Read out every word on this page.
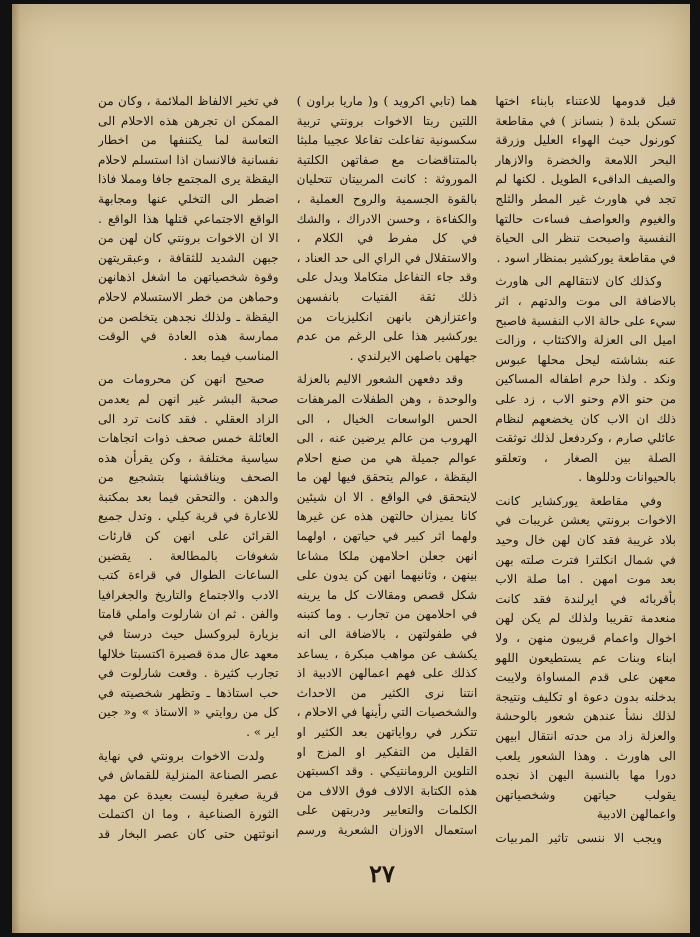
قبل قدومها للاعتناء بابناء اختها تسكن بلدة ( بنسانز ) في مقاطعة كورنول حيث الهواء العليل وزرقة البحر اللامعة والخضرة والازهار والصيف الدافىء الطويل . لكنها لم تجد في هاورث غير المطر والثلج والغيوم والعواصف فساءت حالتها النفسية واصبحت تنظر الى الحياة في مقاطعة يوركشير بمنظار اسود .

وكذلك كان لانتقالهم الى هاورث بالاضافة الى موت والدتهم ، اثر سيء على حالة الاب النفسية فاصبح اميل الى العزلة والاكتئاب ، وزالت عنه بشاشته ليحل محلها عبوس ونكد . ولذا حرم اطفاله المساكين من حنو الام وحنو الاب ، زد على ذلك ان الاب كان يخضعهم لنظام عائلي صارم ، وكردفعل لذلك توثقت الصلة بين الصغار ، وتعلقو بالحيوانات ودللوها .

وفي مقاطعة يوركشاير كانت الاخوات برونتي يعشن غريبات في بلاد غريبة فقد كان لهن خال وحيد في شمال انكلترا فترت صلته بهن بعد موت امهن . اما صلة الاب بأقربائه في ايرلندة فقد كانت منعدمة تقريبا ولذلك لم يكن لهن اخوال واعمام قريبون منهن ، ولا ابناء وبنات عم يستطيعون اللهو معهن على قدم المساواة ولايبت بدخلنه بدون دعوة او تكليف ونتيجة لذلك نشأ عندهن شعور بالوحشة والعزلة زاد من حدته انتقال ابيهن الى هاورث . وهذا الشعور يلعب دورا مها بالنسبة اليهن اذ نجده يقولب حياتهن وشخصياتهن واعمالهن الادبية

ويجب الا ننسى تاثير المربيات

هما (تابي اكرويد ) و( ماريا براون ) اللتين ربتا الاخوات برونتي تربية سكسونية تفاعلت تفاعلا عجيبا ملبثا بالمتناقضات مع صفاتهن الكلتية الموروثة : كانت المربيتان تتحليان بالقوة الجسمية والروح العملية ، والكفاءة ، وحسن الادراك ، والشك في كل مفرط في الكلام ، والاستقلال في الراي الى حد العناد ، وقد جاء التفاعل متكاملا ويدل على ذلك ثقة الفتيات بانفسهن واعتزازهن بانهن انكليزيات من يوركشير هذا على الرغم من عدم جهلهن باصلهن الايرلندي .

وقد دفعهن الشعور الاليم بالعزلة والوحدة ، وهن الطفلات المرهفات الحس الواسعات الخيال ، الى الهروب من عالم يرضين عنه ، الى عوالم جميلة هي من صنع احلام اليقظة ، عوالم يتحقق فيها لهن ما لايتحقق في الواقع . الا ان شيئين كانا يميزان حالتهن هذه عن غيرها ولهما اثر كبير في حياتهن ، اولهما انهن جعلن احلامهن ملكا مشاعا بينهن ، وثانيهما انهن كن يدون على شكل قصص ومقالات كل ما يرينه في احلامهن من تجارب . وما كتبنه في طفولتهن ، بالاضافة الى انه يكشف عن مواهب مبكرة ، يساعد كذلك على فهم اعمالهن الادبية اذ انتنا نرى الكثير من الاحداث والشخصيات التي رأينها في الاحلام ، تتكرر في رواياتهن بعد الكثير او القليل من التفكير او المزج او التلوين الرومانتيكي . وقد اكسبتهن هذه الكتابة الالاف فوق الالاف من الكلمات والتعابير ودربتهن على استعمال الاوزان الشعرية ورسم

في تخير الالفاظ الملائمة ، وكان من الممكن ان تجرهن هذه الاحلام الى التعاسة لما يكتنفها من اخطار نفسانية فالانسان اذا استسلم لاحلام اليقظة يرى المجتمع جافا ومملا فاذا اضطر الى التخلي عنها ومجابهة الواقع الاجتماعي قتلها هذا الواقع . الا ان الاخوات برونتي كان لهن من جبهن الشديد للثقافة ، وعبقريتهن وقوة شخصياتهن ما اشغل اذهانهن وحماهن من خطر الاستسلام لاحلام اليقظة ـ ولذلك نجدهن يتخلصن من ممارسة هذه العادة في الوقت المناسب فيما بعد .

صحيح انهن كن محرومات من صحبة البشر غير انهن لم يعدمن الزاد العقلي . فقد كانت ترد الى العائلة خمس صحف ذوات اتجاهات سياسية مختلفة ، وكن يقرأن هذه الصحف ويناقشنها بتشجيع من والدهن . والتحقن فيما بعد بمكتبة للاعارة في قرية كيلي . وتدل جميع القرائن على انهن كن قارئات شغوفات بالمطالعة . يقضين الساعات الطوال في قراءة كتب الادب والاجتماع والتاريخ والجغرافيا والفن . ثم ان شارلوت واملي قامتا بزيارة لبروكسل حيث درستا في معهد عال مدة قصيرة اكتسبتا خلالها تجارب كثيرة . وقعت شارلوت في حب استاذها ـ وتظهر شخصيته في كل من روايتي « الاستاذ » و« جين اير » .

ولدت الاخوات برونتي في نهاية عصر الصناعة المنزلية للقماش في قرية صغيرة ليست بعيدة عن مهد الثورة الصناعية ، وما ان اكتملت انوثتهن حتى كان عصر البخار قد

٢٧
